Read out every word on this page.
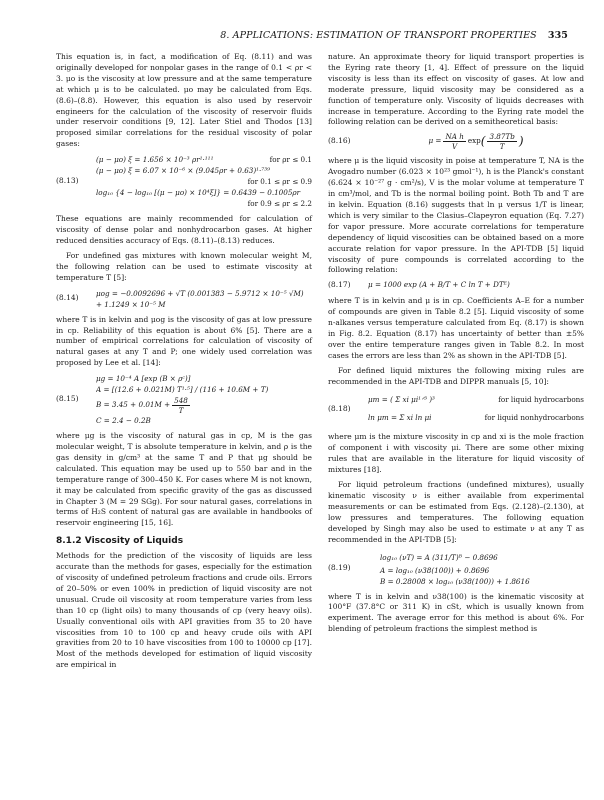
8. APPLICATIONS: ESTIMATION OF TRANSPORT PROPERTIES 335

This equation is, in fact, a modification of Eq. (8.11) and was originally developed for nonpolar gases in the range of 0.1 < ρr < 3. μo is the viscosity at low pressure and at the same temperature at which μ is to be calculated. μo may be calculated from Eqs. (8.6)–(8.8). However, this equation is also used by reservoir engineers for the calculation of the viscosity of reservoir fluids under reservoir conditions [9, 12]. Later Stiel and Thodos [13] proposed similar correlations for the residual viscosity of polar gases:

(8.13)
(μ − μo) ξ = 1.656 × 10⁻³ ρr¹·¹¹¹	for ρr ≤ 0.1
(μ − μo) ξ = 6.07 × 10⁻⁶ × (9.045ρr + 0.63)¹·⁷³⁹
for 0.1 ≤ ρr ≤ 0.9
log₁₀ {4 − log₁₀ [(μ − μo) × 10⁴ξ]} = 0.6439 − 0.1005ρr
for 0.9 ≤ ρr ≤ 2.2

These equations are mainly recommended for calculation of viscosity of dense polar and nonhydrocarbon gases. At higher reduced densities accuracy of Eqs. (8.11)–(8.13) reduces.

For undefined gas mixtures with known molecular weight M, the following relation can be used to estimate viscosity at temperature T [5]:

(8.14)
μog = −0.0092696 + √T (0.001383 − 5.9712 × 10⁻⁵ √M)
+ 1.1249 × 10⁻⁵ M

where T is in kelvin and μog is the viscosity of gas at low pressure in cp. Reliability of this equation is about 6% [5]. There are a number of empirical correlations for calculation of viscosity of natural gases at any T and P; one widely used correlation was proposed by Lee et al. [14]:

(8.15)
μg = 10⁻⁴ A [exp (B × ρᶜ)]
A = [(12.6 + 0.021M) T¹·⁵] / (116 + 10.6M + T)
$B = 3.45 + 0.01M + \frac{548}{T}$
C = 2.4 − 0.2B

where μg is the viscosity of natural gas in cp, M is the gas molecular weight, T is absolute temperature in kelvin, and ρ is the gas density in g/cm³ at the same T and P that μg should be calculated. This equation may be used up to 550 bar and in the temperature range of 300–450 K. For cases where M is not known, it may be calculated from specific gravity of the gas as discussed in Chapter 3 (M = 29 SGg). For sour natural gases, correlations in terms of H₂S content of natural gas are available in handbooks of reservoir engineering [15, 16].

8.1.2 Viscosity of Liquids

Methods for the prediction of the viscosity of liquids are less accurate than the methods for gases, especially for the estimation of viscosity of undefined petroleum fractions and crude oils. Errors of 20–50% or even 100% in prediction of liquid viscosity are not unusual. Crude oil viscosity at room temperature varies from less than 10 cp (light oils) to many thousands of cp (very heavy oils). Usually conventional oils with API gravities from 35 to 20 have viscosities from 10 to 100 cp and heavy crude oils with API gravities from 20 to 10 have viscosities from 100 to 10000 cp [17]. Most of the methods developed for estimation of liquid viscosity are empirical in

nature. An approximate theory for liquid transport properties is the Eyring rate theory [1, 4]. Effect of pressure on the liquid viscosity is less than its effect on viscosity of gases. At low and moderate pressure, liquid viscosity may be considered as a function of temperature only. Viscosity of liquids decreases with increase in temperature. According to the Eyring rate model the following relation can be derived on a semitheoretical basis:

(8.16)	$\mu = \frac{\text{NA h}}{V}$ exp ( $\frac{3.87Tb}{T}$ )

where μ is the liquid viscosity in poise at temperature T, NA is the Avogadro number (6.023 × 10²³ gmol⁻¹), h is the Planck's constant (6.624 × 10⁻²⁷ g · cm²/s), V is the molar volume at temperature T in cm³/mol, and Tb is the normal boiling point. Both Tb and T are in kelvin. Equation (8.16) suggests that ln μ versus 1/T is linear, which is very similar to the Clasius–Clapeyron equation (Eq. 7.27) for vapor pressure. More accurate correlations for temperature dependency of liquid viscosities can be obtained based on a more accurate relation for vapor pressure. In the API-TDB [5] liquid viscosity of pure compounds is correlated according to the following relation:

(8.17)	μ = 1000 exp (A + B/T + C ln T + DTᴱ)

where T is in kelvin and μ is in cp. Coefficients A–E for a number of compounds are given in Table 8.2 [5]. Liquid viscosity of some n-alkanes versus temperature calculated from Eq. (8.17) is shown in Fig. 8.2. Equation (8.17) has uncertainty of better than ±5% over the entire temperature ranges given in Table 8.2. In most cases the errors are less than 2% as shown in the API-TDB [5].

For defined liquid mixtures the following mixing rules are recommended in the API-TDB and DIPPR manuals [5, 10]:

(8.18)
μm = ( Σ xi μi¹ᐟ³ )³	for liquid hydrocarbons
ln μm = Σ xi ln μi	for liquid nonhydrocarbons

where μm is the mixture viscosity in cp and xi is the mole fraction of component i with viscosity μi. There are some other mixing rules that are available in the literature for liquid viscosity of mixtures [18].

For liquid petroleum fractions (undefined mixtures), usually kinematic viscosity ν is either available from experimental measurements or can be estimated from Eqs. (2.128)–(2.130), at low pressures and temperatures. The following equation developed by Singh may also be used to estimate ν at any T as recommended in the API-TDB [5]:

(8.19)
log₁₀ (νT) = A (311/T)ᴮ − 0.8696
A = log₁₀ (ν38(100)) + 0.8696
B = 0.28008 × log₁₀ (ν38(100)) + 1.8616

where T is in kelvin and ν38(100) is the kinematic viscosity at 100°F (37.8°C or 311 K) in cSt, which is usually known from experiment. The average error for this method is about 6%. For blending of petroleum fractions the simplest method is
